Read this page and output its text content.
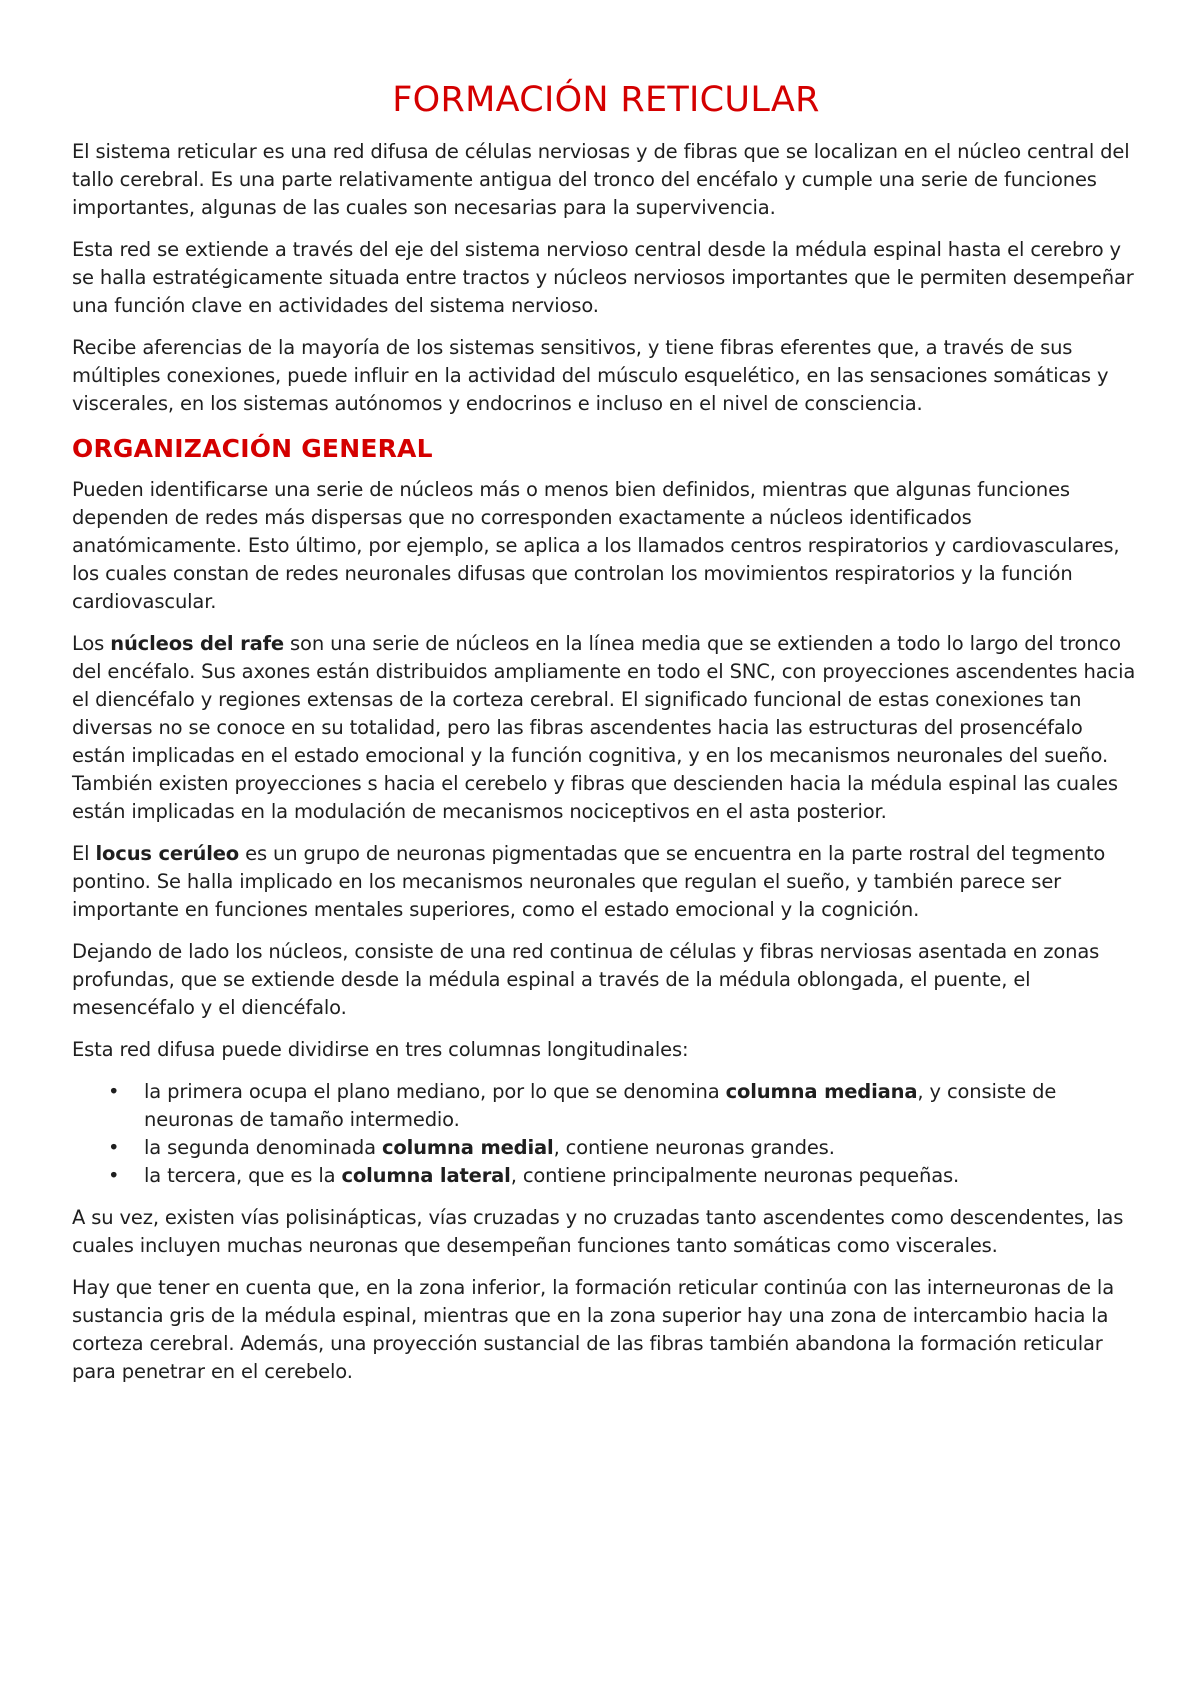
FORMACIÓN RETICULAR

El sistema reticular es una red difusa de células nerviosas y de fibras que se localizan en el núcleo central del tallo cerebral. Es una parte relativamente antigua del tronco del encéfalo y cumple una serie de funciones importantes, algunas de las cuales son necesarias para la supervivencia.

Esta red se extiende a través del eje del sistema nervioso central desde la médula espinal hasta el cerebro y se halla estratégicamente situada entre tractos y núcleos nerviosos importantes que le permiten desempeñar una función clave en actividades del sistema nervioso.

Recibe aferencias de la mayoría de los sistemas sensitivos, y tiene fibras eferentes que, a través de sus múltiples conexiones, puede influir en la actividad del músculo esquelético, en las sensaciones somáticas y viscerales, en los sistemas autónomos y endocrinos e incluso en el nivel de consciencia.

ORGANIZACIÓN GENERAL

Pueden identificarse una serie de núcleos más o menos bien definidos, mientras que algunas funciones dependen de redes más dispersas que no corresponden exactamente a núcleos identificados anatómicamente. Esto último, por ejemplo, se aplica a los llamados centros respiratorios y cardiovasculares, los cuales constan de redes neuronales difusas que controlan los movimientos respiratorios y la función cardiovascular.

Los núcleos del rafe son una serie de núcleos en la línea media que se extienden a todo lo largo del tronco del encéfalo. Sus axones están distribuidos ampliamente en todo el SNC, con proyecciones ascendentes hacia el diencéfalo y regiones extensas de la corteza cerebral. El significado funcional de estas conexiones tan diversas no se conoce en su totalidad, pero las fibras ascendentes hacia las estructuras del prosencéfalo están implicadas en el estado emocional y la función cognitiva, y en los mecanismos neuronales del sueño. También existen proyecciones s hacia el cerebelo y fibras que descienden hacia la médula espinal las cuales están implicadas en la modulación de mecanismos nociceptivos en el asta posterior.

El locus cerúleo es un grupo de neuronas pigmentadas que se encuentra en la parte rostral del tegmento pontino. Se halla implicado en los mecanismos neuronales que regulan el sueño, y también parece ser importante en funciones mentales superiores, como el estado emocional y la cognición.

Dejando de lado los núcleos, consiste de una red continua de células y fibras nerviosas asentada en zonas profundas, que se extiende desde la médula espinal a través de la médula oblongada, el puente, el mesencéfalo y el diencéfalo.

Esta red difusa puede dividirse en tres columnas longitudinales:

• la primera ocupa el plano mediano, por lo que se denomina columna mediana, y consiste de neuronas de tamaño intermedio.
• la segunda denominada columna medial, contiene neuronas grandes.
• la tercera, que es la columna lateral, contiene principalmente neuronas pequeñas.

A su vez, existen vías polisinápticas, vías cruzadas y no cruzadas tanto ascendentes como descendentes, las cuales incluyen muchas neuronas que desempeñan funciones tanto somáticas como viscerales.

Hay que tener en cuenta que, en la zona inferior, la formación reticular continúa con las interneuronas de la sustancia gris de la médula espinal, mientras que en la zona superior hay una zona de intercambio hacia la corteza cerebral. Además, una proyección sustancial de las fibras también abandona la formación reticular para penetrar en el cerebelo.
